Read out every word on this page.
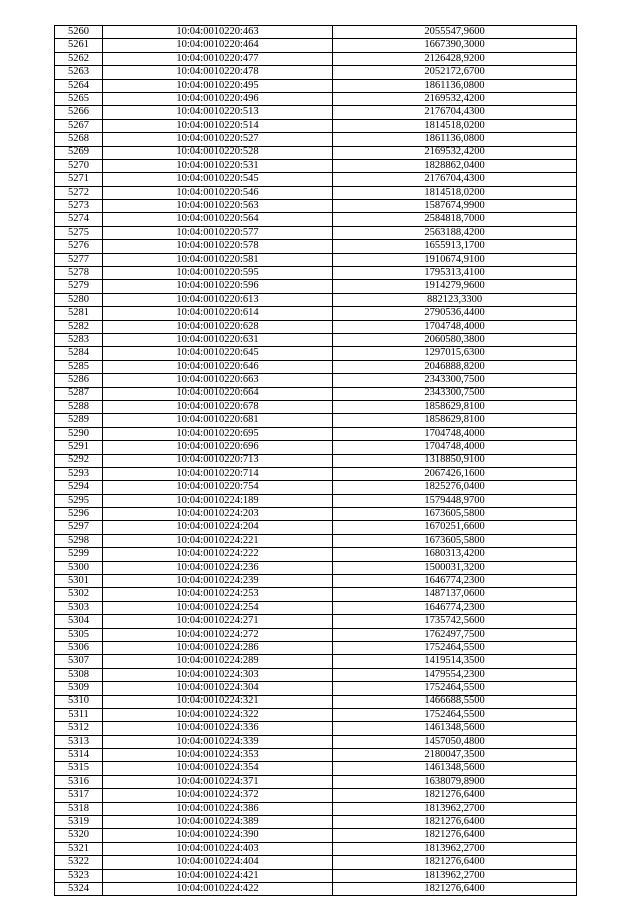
5260	10:04:0010220:463	2055547,9600
5261	10:04:0010220:464	1667390,3000
5262	10:04:0010220:477	2126428,9200
5263	10:04:0010220:478	2052172,6700
5264	10:04:0010220:495	1861136,0800
5265	10:04:0010220:496	2169532,4200
5266	10:04:0010220:513	2176704,4300
5267	10:04:0010220:514	1814518,0200
5268	10:04:0010220:527	1861136,0800
5269	10:04:0010220:528	2169532,4200
5270	10:04:0010220:531	1828862,0400
5271	10:04:0010220:545	2176704,4300
5272	10:04:0010220:546	1814518,0200
5273	10:04:0010220:563	1587674,9900
5274	10:04:0010220:564	2584818,7000
5275	10:04:0010220:577	2563188,4200
5276	10:04:0010220:578	1655913,1700
5277	10:04:0010220:581	1910674,9100
5278	10:04:0010220:595	1795313,4100
5279	10:04:0010220:596	1914279,9600
5280	10:04:0010220:613	882123,3300
5281	10:04:0010220:614	2790536,4400
5282	10:04:0010220:628	1704748,4000
5283	10:04:0010220:631	2060580,3800
5284	10:04:0010220:645	1297015,6300
5285	10:04:0010220:646	2046888,8200
5286	10:04:0010220:663	2343300,7500
5287	10:04:0010220:664	2343300,7500
5288	10:04:0010220:678	1858629,8100
5289	10:04:0010220:681	1858629,8100
5290	10:04:0010220:695	1704748,4000
5291	10:04:0010220:696	1704748,4000
5292	10:04:0010220:713	1318850,9100
5293	10:04:0010220:714	2067426,1600
5294	10:04:0010220:754	1825276,0400
5295	10:04:0010224:189	1579448,9700
5296	10:04:0010224:203	1673605,5800
5297	10:04:0010224:204	1670251,6600
5298	10:04:0010224:221	1673605,5800
5299	10:04:0010224:222	1680313,4200
5300	10:04:0010224:236	1500031,3200
5301	10:04:0010224:239	1646774,2300
5302	10:04:0010224:253	1487137,0600
5303	10:04:0010224:254	1646774,2300
5304	10:04:0010224:271	1735742,5600
5305	10:04:0010224:272	1762497,7500
5306	10:04:0010224:286	1752464,5500
5307	10:04:0010224:289	1419514,3500
5308	10:04:0010224:303	1479554,2300
5309	10:04:0010224:304	1752464,5500
5310	10:04:0010224:321	1466688,5500
5311	10:04:0010224:322	1752464,5500
5312	10:04:0010224:336	1461348,5600
5313	10:04:0010224:339	1457050,4800
5314	10:04:0010224:353	2180047,3500
5315	10:04:0010224:354	1461348,5600
5316	10:04:0010224:371	1638079,8900
5317	10:04:0010224:372	1821276,6400
5318	10:04:0010224:386	1813962,2700
5319	10:04:0010224:389	1821276,6400
5320	10:04:0010224:390	1821276,6400
5321	10:04:0010224:403	1813962,2700
5322	10:04:0010224:404	1821276,6400
5323	10:04:0010224:421	1813962,2700
5324	10:04:0010224:422	1821276,6400
